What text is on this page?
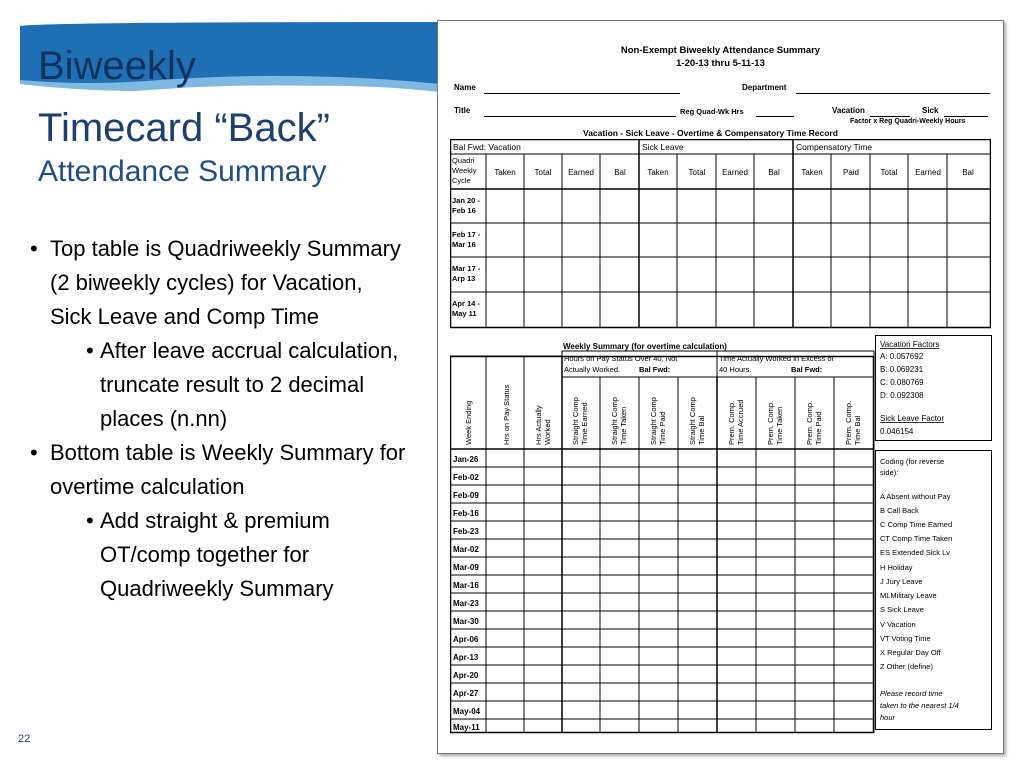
Biweekly
Timecard “Back”
Attendance Summary
• Top table is Quadriweekly Summary (2 biweekly cycles) for Vacation, Sick Leave and Comp Time
• After leave accrual calculation, truncate result to 2 decimal places (n.nn)
• Bottom table is Weekly Summary for overtime calculation
• Add straight & premium OT/comp together for Quadriweekly Summary
22
Non-Exempt Biweekly Attendance Summary
1-20-13 thru 5-11-13
Name	Department
Title	Reg Quad-Wk Hrs	Vacation	Sick
Factor x Reg Quadri-Weekly Hours
Vacation - Sick Leave - Overtime & Compensatory Time Record
Bal Fwd: Vacation	Sick Leave	Compensatory Time
Quadri
Weekly
Cycle
Taken Total Earned	Bal	Taken Total Earned	Bal	Taken	Paid	Total Earned	Bal
Jan 20 -
Feb 16
Feb 17 -
Mar 16
Mar 17 -
Arp 13
Apr 14 -
May 11
Weekly Summary (for overtime calculation)
Hours on Pay Status Over 40, Not
Actually Worked.	Bal Fwd:
Time Actually Worked in Excess of
40 Hours.	Bal Fwd:
Week Ending	Hrs on Pay Status	Hrs Actually Worked	Straight Comp Time Earned	Straight Comp Time Taken	Straight Comp Time Paid	Straight Comp Time Bal	Prem. Comp. Time Accrued	Prem. Comp. Time Taken	Prem. Comp. Time Paid	Prem. Comp. Time Bal
Jan-26
Feb-02
Feb-09
Feb-16
Feb-23
Mar-02
Mar-09
Mar-16
Mar-23
Mar-30
Apr-06
Apr-13
Apr-20
Apr-27
May-04
May-11
Vacation Factors
A: 0.057692
B: 0.069231
C: 0.080769
D: 0.092308
Sick Leave Factor
0.046154
Coding (for reverse
side):
A Absent without Pay
B Call Back
C Comp Time Earned
CT Comp Time Taken
ES Extended Sick Lv
H Holiday
J Jury Leave
MLMilitary Leave
S Sick Leave
V Vacation
VT Voting Time
X Regular Day Off
Z Other (define)
Please record time
taken to the nearest 1/4
hour
